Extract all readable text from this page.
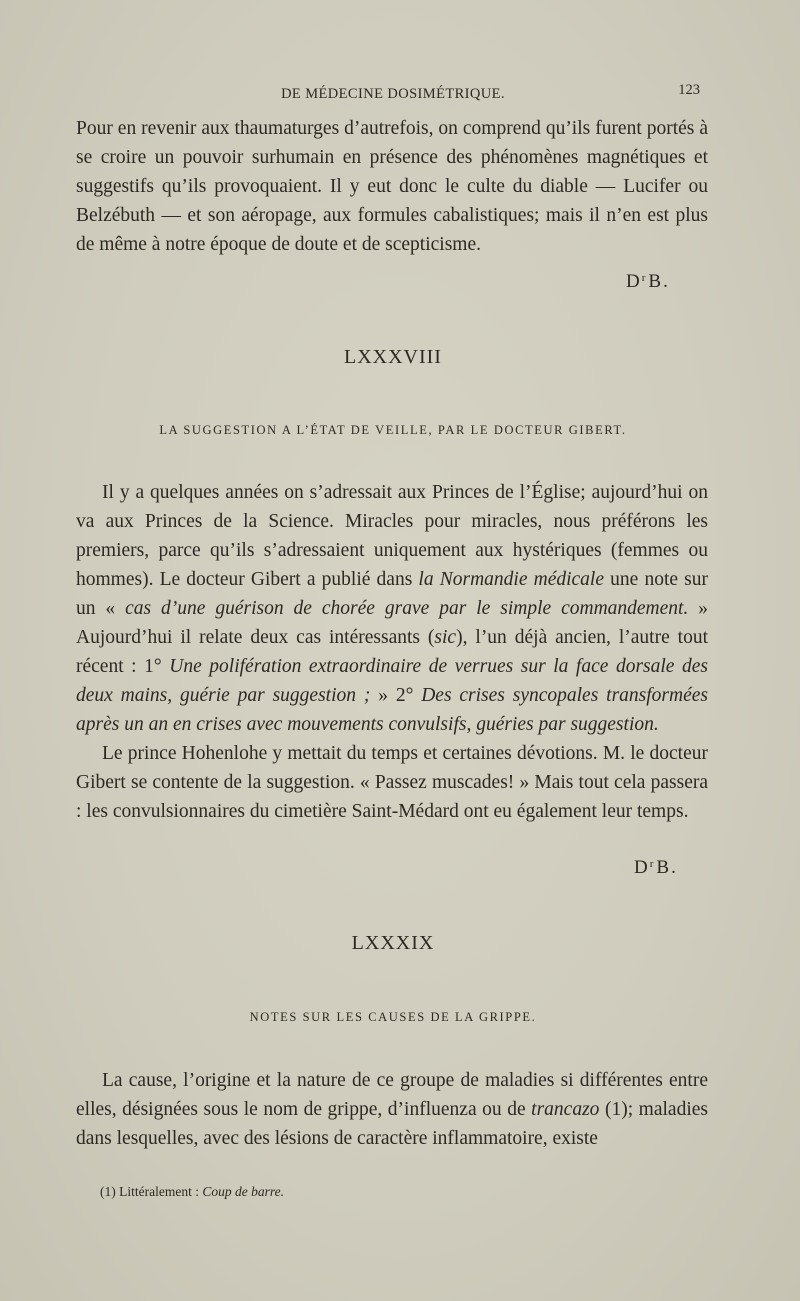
DE MÉDECINE DOSIMÉTRIQUE.	123

Pour en revenir aux thaumaturges d’autrefois, on comprend qu’ils furent portés à se croire un pouvoir surhumain en présence des phénomènes magnétiques et suggestifs qu’ils provoquaient. Il y eut donc le culte du diable — Lucifer ou Belzébuth — et son aéropage, aux formules cabalistiques; mais il n’en est plus de même à notre époque de doute et de scepticisme.

$D^r$ B.
LXXXVIII
LA SUGGESTION A L’ÉTAT DE VEILLE, PAR LE DOCTEUR GIBERT.

Il y a quelques années on s’adressait aux Princes de l’Église; aujourd’hui on va aux Princes de la Science. Miracles pour miracles, nous préférons les premiers, parce qu’ils s’adressaient uniquement aux hystériques (femmes ou hommes). Le docteur Gibert a publié dans la Normandie médicale une note sur un « cas d’une guérison de chorée grave par le simple commandement. » Aujourd’hui il relate deux cas intéressants (sic), l’un déjà ancien, l’autre tout récent : 1° Une polifération extraordinaire de verrues sur la face dorsale des deux mains, guérie par suggestion ; » 2° Des crises syncopales transformées après un an en crises avec mouvements convulsifs, guéries par suggestion.

Le prince Hohenlohe y mettait du temps et certaines dévotions. M. le docteur Gibert se contente de la suggestion. « Passez muscades! » Mais tout cela passera : les convulsionnaires du cimetière Saint-Médard ont eu également leur temps.

$D^r$ B.
LXXXIX
NOTES SUR LES CAUSES DE LA GRIPPE.

La cause, l’origine et la nature de ce groupe de maladies si différentes entre elles, désignées sous le nom de grippe, d’influenza ou de trancazo (1); maladies dans lesquelles, avec des lésions de caractère inflammatoire, existe

(1) Littéralement : Coup de barre.
